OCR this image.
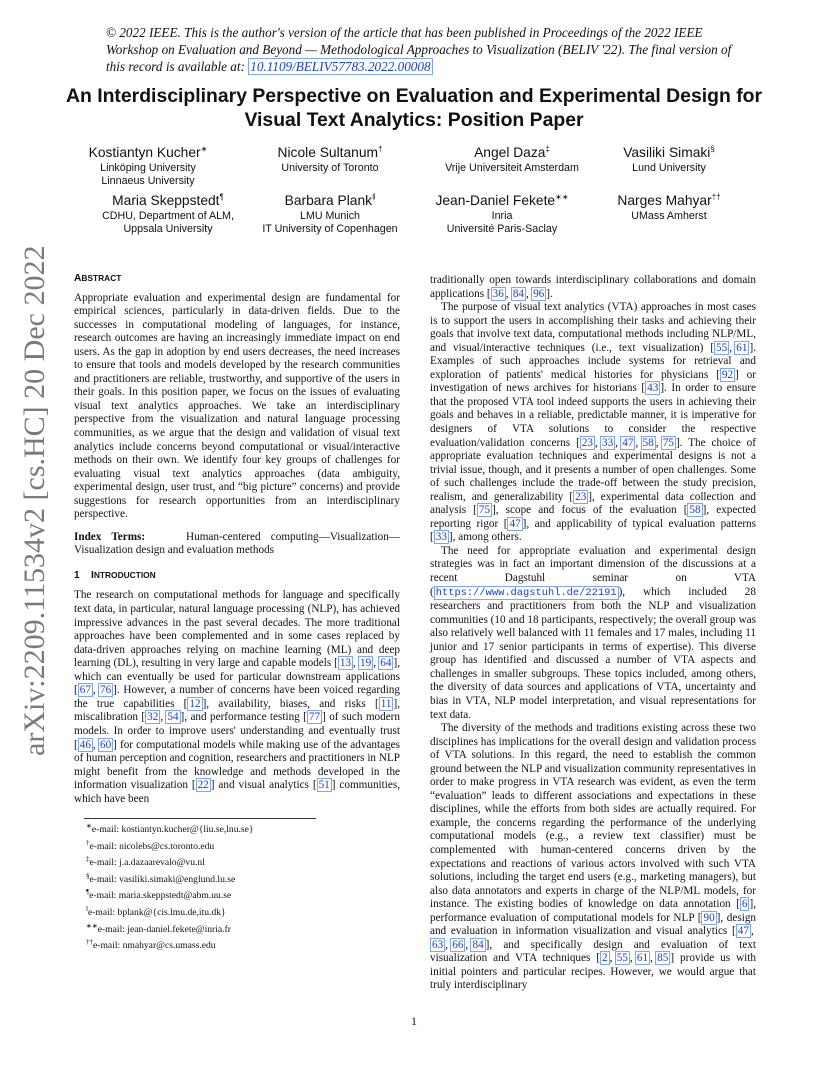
© 2022 IEEE. This is the author's version of the article that has been published in Proceedings of the 2022 IEEE Workshop on Evaluation and Beyond — Methodological Approaches to Visualization (BELIV '22). The final version of this record is available at: 10.1109/BELIV57783.2022.00008
An Interdisciplinary Perspective on Evaluation and Experimental Design for Visual Text Analytics: Position Paper
Kostiantyn Kucher∗
Linköping University
Linnaeus University
Nicole Sultanum†
University of Toronto
Angel Daza‡
Vrije Universiteit Amsterdam
Vasiliki Simaki§
Lund University
Maria Skeppstedt¶
CDHU, Department of ALM,
Uppsala University
Barbara Plank‖
LMU Munich
IT University of Copenhagen
Jean-Daniel Fekete∗∗
Inria
Université Paris-Saclay
Narges Mahyar††
UMass Amherst
arXiv:2209.11534v2 [cs.HC] 20 Dec 2022 ABSTRACT

Appropriate evaluation and experimental design are fundamental for empirical sciences, particularly in data-driven fields. Due to the successes in computational modeling of languages, for instance, research outcomes are having an increasingly immediate impact on end users. As the gap in adoption by end users decreases, the need increases to ensure that tools and models developed by the research communities and practitioners are reliable, trustworthy, and supportive of the users in their goals. In this position paper, we focus on the issues of evaluating visual text analytics approaches. We take an interdisciplinary perspective from the visualization and natural language processing communities, as we argue that the design and validation of visual text analytics include concerns beyond computational or visual/interactive methods on their own. We identify four key groups of challenges for evaluating visual text analytics approaches (data ambiguity, experimental design, user trust, and “big picture” concerns) and provide suggestions for research opportunities from an interdisciplinary perspective.

Index Terms:	Human-centered computing—Visualization—Visualization design and evaluation methods

1 INTRODUCTION

The research on computational methods for language and specifically text data, in particular, natural language processing (NLP), has achieved impressive advances in the past several decades. The more traditional approaches have been complemented and in some cases replaced by data-driven approaches relying on machine learning (ML) and deep learning (DL), resulting in very large and capable models [ 13 , 19 , 64 ], which can eventually be used for particular downstream applications [ 67 , 76 ]. However, a number of concerns have been voiced regarding the true capabilities [ 12 ], availability, biases, and risks [ 11 ], miscalibration [ 32 , 54 ], and performance testing [ 77 ] of such modern models. In order to improve users' understanding and eventually trust [ 46 , 60 ] for computational models while making use of the advantages of human perception and cognition, researchers and practitioners in NLP might benefit from the knowledge and methods developed in the information visualization [ 22 ] and visual analytics [ 51 ] communities, which have been

∗e-mail: kostiantyn.kucher@{liu.se,lnu.se}
†e-mail: nicolebs@cs.toronto.edu
‡e-mail: j.a.dazaarevalo@vu.nl
§e-mail: vasiliki.simaki@englund.lu.se
¶e-mail: maria.skeppstedt@abm.uu.se
‖e-mail: bplank@{cis.lmu.de,itu.dk}
∗∗e-mail: jean-daniel.fekete@inria.fr
††e-mail: nmahyar@cs.umass.edu

traditionally open towards interdisciplinary collaborations and domain applications [ 36 , 84 , 96 ].

The purpose of visual text analytics (VTA) approaches in most cases is to support the users in accomplishing their tasks and achieving their goals that involve text data, computational methods including NLP/ML, and visual/interactive techniques (i.e., text visualization) [ 55 , 61 ]. Examples of such approaches include systems for retrieval and exploration of patients' medical histories for physicians [ 92 ] or investigation of news archives for historians [ 43 ]. In order to ensure that the proposed VTA tool indeed supports the users in achieving their goals and behaves in a reliable, predictable manner, it is imperative for designers of VTA solutions to consider the respective evaluation/validation concerns [ 23 , 33 , 47 , 58 , 75 ]. The choice of appropriate evaluation techniques and experimental designs is not a trivial issue, though, and it presents a number of open challenges. Some of such challenges include the trade-off between the study precision, realism, and generalizability [ 23 ], experimental data collection and analysis [ 75 ], scope and focus of the evaluation [ 58 ], expected reporting rigor [ 47 ], and applicability of typical evaluation patterns [ 33 ], among others.

The need for appropriate evaluation and experimental design strategies was in fact an important dimension of the discussions at a recent Dagstuhl seminar on VTA ( https://www.dagstuhl.de/22191 ), which included 28 researchers and practitioners from both the NLP and visualization communities (10 and 18 participants, respectively; the overall group was also relatively well balanced with 11 females and 17 males, including 11 junior and 17 senior participants in terms of expertise). This diverse group has identified and discussed a number of VTA aspects and challenges in smaller subgroups. These topics included, among others, the diversity of data sources and applications of VTA, uncertainty and bias in VTA, NLP model interpretation, and visual representations for text data.

The diversity of the methods and traditions existing across these two disciplines has implications for the overall design and validation process of VTA solutions. In this regard, the need to establish the common ground between the NLP and visualization community representatives in order to make progress in VTA research was evident, as even the term “evaluation” leads to different associations and expectations in these disciplines, while the efforts from both sides are actually required. For example, the concerns regarding the performance of the underlying computational models (e.g., a review text classifier) must be complemented with human-centered concerns driven by the expectations and reactions of various actors involved with such VTA solutions, including the target end users (e.g., marketing managers), but also data annotators and experts in charge of the NLP/ML models, for instance. The existing bodies of knowledge on data annotation [ 6 ], performance evaluation of computational models for NLP [ 90 ], design and evaluation in information visualization and visual analytics [ 47 , 63 , 66 , 84 ], and specifically design and evaluation of text visualization and VTA techniques [ 2 , 55 , 61 , 85 ] provide us with initial pointers and particular recipes. However, we would argue that truly interdisciplinary

1
